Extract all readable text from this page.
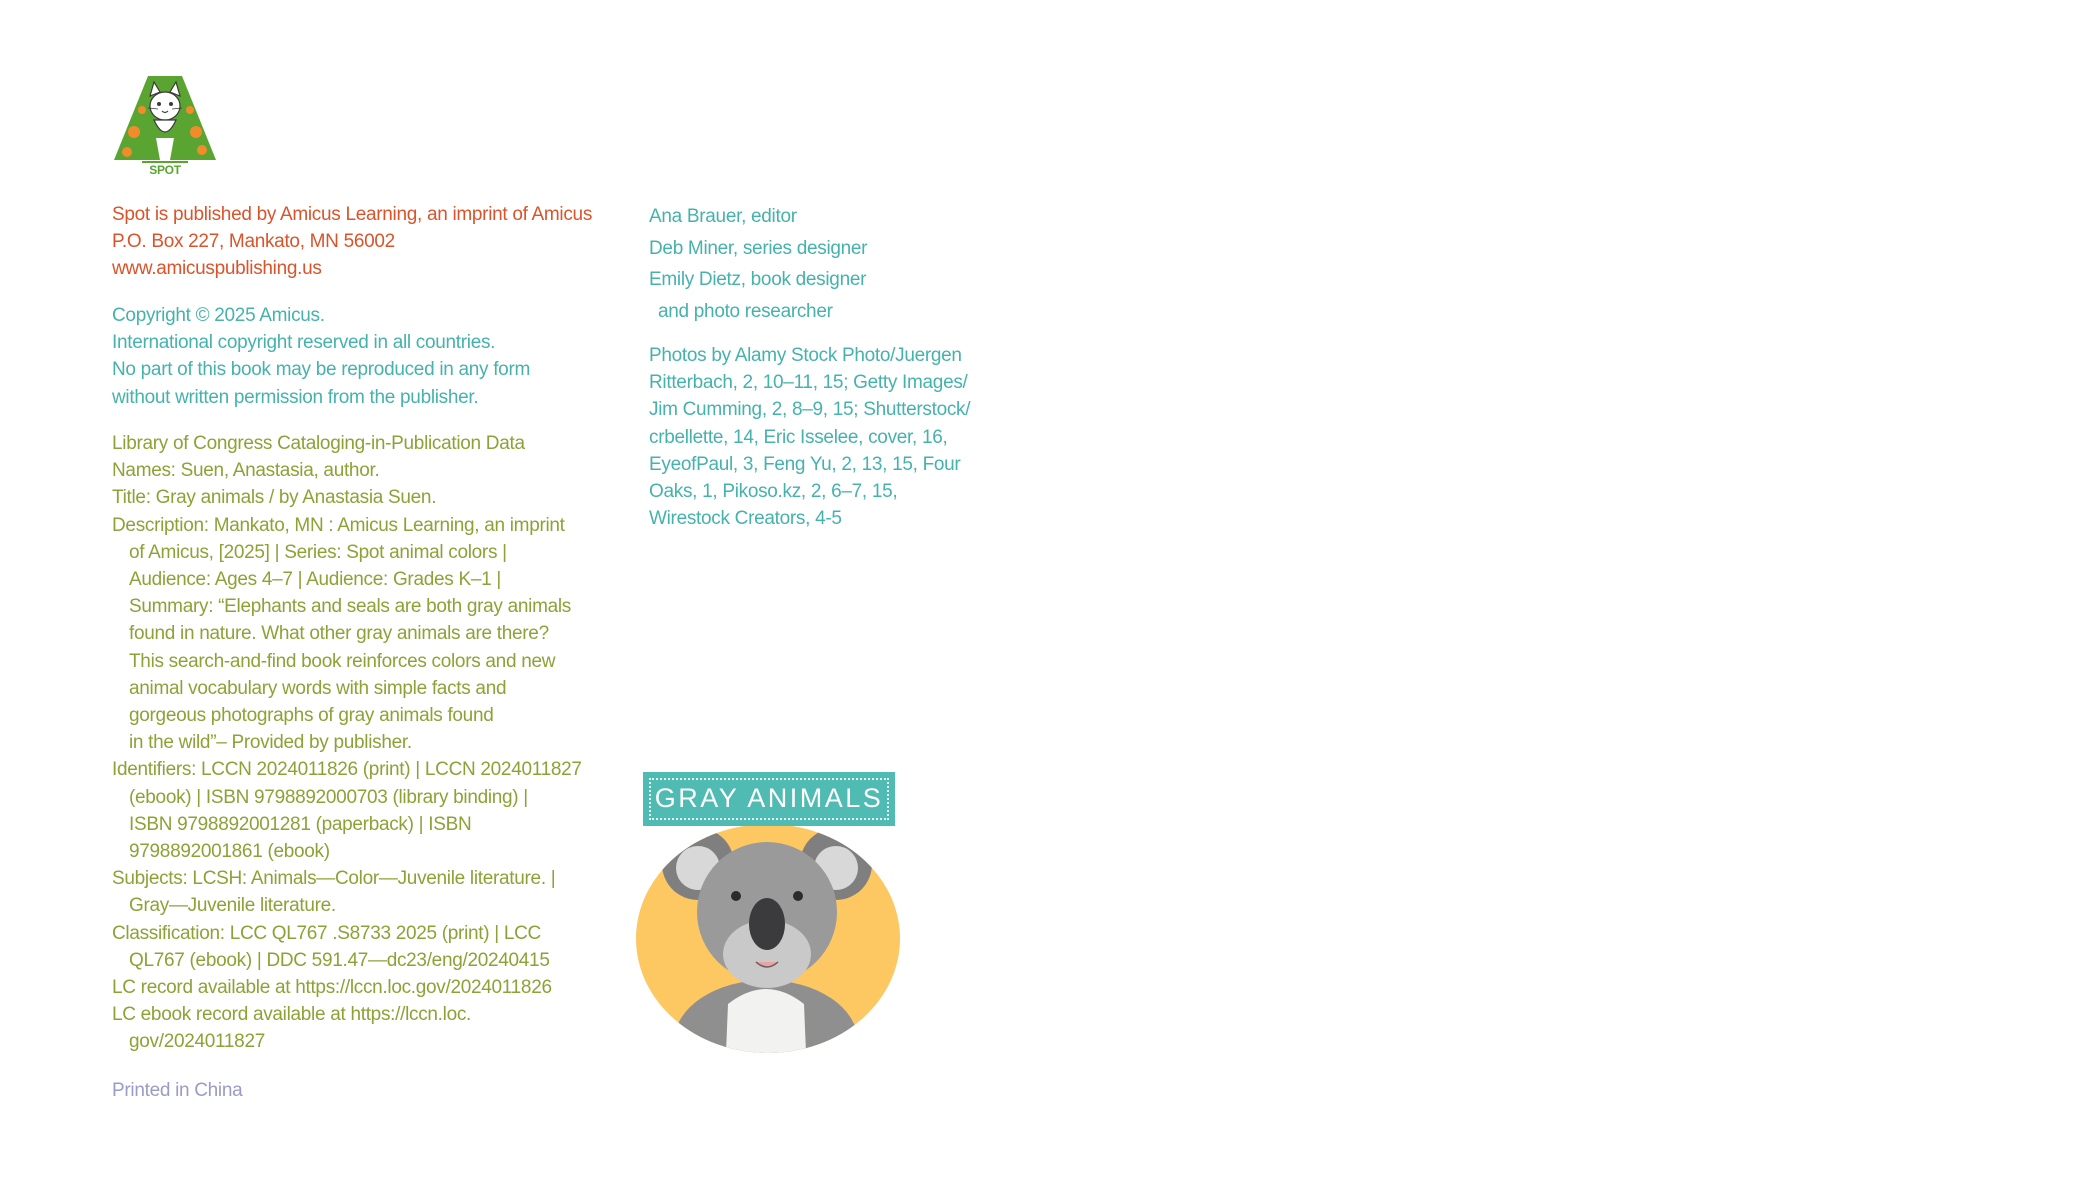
SPOT
Spot is published by Amicus Learning, an imprint of Amicus
P.O. Box 227, Mankato, MN 56002
www.amicuspublishing.us
Copyright © 2025 Amicus.
International copyright reserved in all countries.
No part of this book may be reproduced in any form
without written permission from the publisher.
Library of Congress Cataloging-in-Publication Data
Names: Suen, Anastasia, author.
Title: Gray animals / by Anastasia Suen.
Description: Mankato, MN : Amicus Learning, an imprint
of Amicus, [2025] | Series: Spot animal colors |
Audience: Ages 4–7 | Audience: Grades K–1 |
Summary: “Elephants and seals are both gray animals
found in nature. What other gray animals are there?
This search-and-find book reinforces colors and new
animal vocabulary words with simple facts and
gorgeous photographs of gray animals found
in the wild”– Provided by publisher.
Identifiers: LCCN 2024011826 (print) | LCCN 2024011827
(ebook) | ISBN 9798892000703 (library binding) |
ISBN 9798892001281 (paperback) | ISBN
9798892001861 (ebook)
Subjects: LCSH: Animals—Color—Juvenile literature. |
Gray—Juvenile literature.
Classification: LCC QL767 .S8733 2025 (print) | LCC
QL767 (ebook) | DDC 591.47—dc23/eng/20240415
LC record available at https://lccn.loc.gov/2024011826
LC ebook record available at https://lccn.loc.
gov/2024011827
Printed in China
Ana Brauer, editor
Deb Miner, series designer
Emily Dietz, book designer
and photo researcher
Photos by Alamy Stock Photo/Juergen
Ritterbach, 2, 10–11, 15; Getty Images/
Jim Cumming, 2, 8–9, 15; Shutterstock/
crbellette, 14, Eric Isselee, cover, 16,
EyeofPaul, 3, Feng Yu, 2, 13, 15, Four
Oaks, 1, Pikoso.kz, 2, 6–7, 15,
Wirestock Creators, 4-5
GRAY ANIMALS
